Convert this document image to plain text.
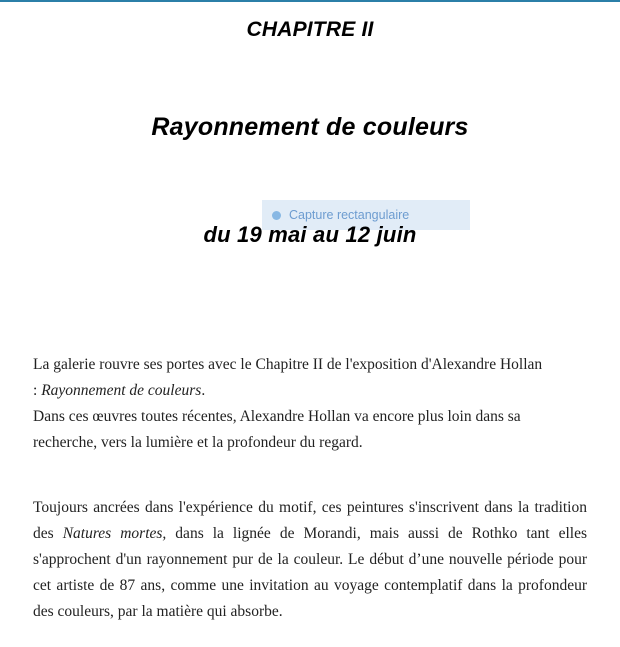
CHAPITRE II
Rayonnement de couleurs
Capture rectangulaire
du 19 mai au 12 juin
La galerie rouvre ses portes avec le Chapitre II de l'exposition d'Alexandre Hollan
: Rayonnement de couleurs.
Dans ces œuvres toutes récentes, Alexandre Hollan va encore plus loin dans sa
recherche, vers la lumière et la profondeur du regard.
Toujours ancrées dans l'expérience du motif, ces peintures s'inscrivent dans la tradition des Natures mortes, dans la lignée de Morandi, mais aussi de Rothko tant elles s'approchent d'un rayonnement pur de la couleur. Le début d’une nouvelle période pour cet artiste de 87 ans, comme une invitation au voyage contemplatif dans la profondeur des couleurs, par la matière qui absorbe.
